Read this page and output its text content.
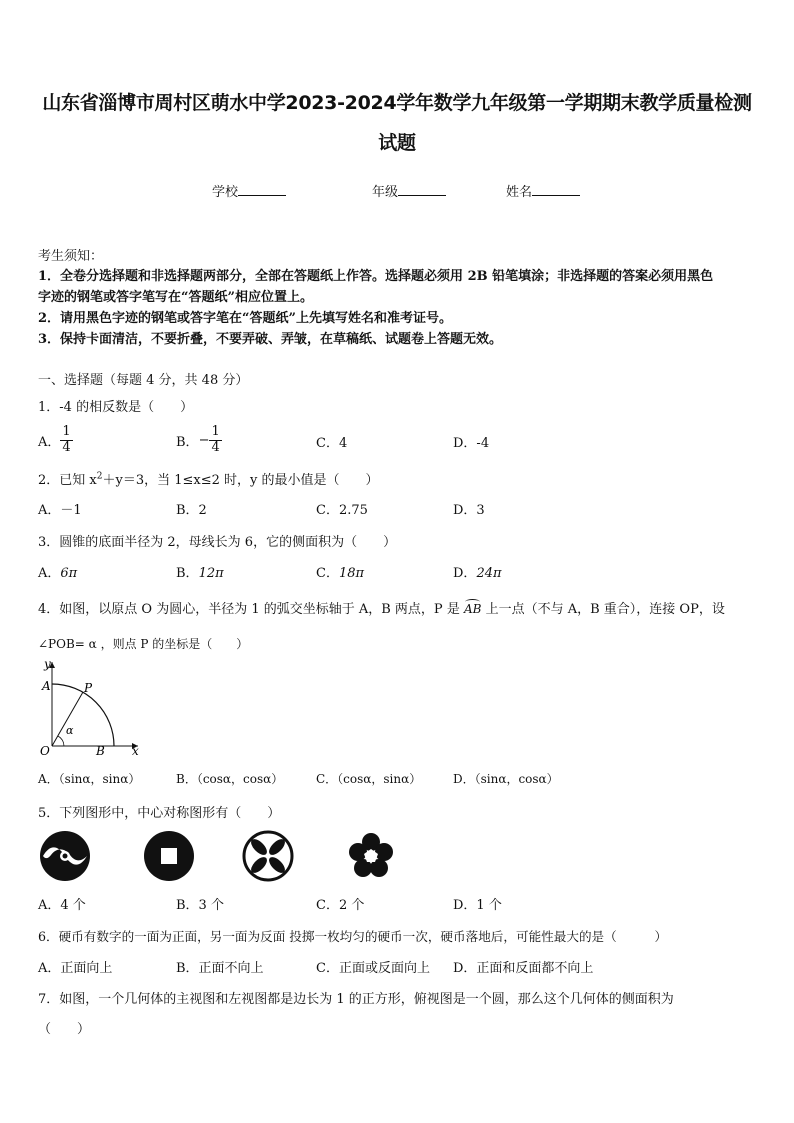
山东省淄博市周村区萌水中学2023-2024学年数学九年级第一学期期末教学质量检测
试题
学校	年级	姓名
考生须知：
1．全卷分选择题和非选择题两部分，全部在答题纸上作答。选择题必须用 2B 铅笔填涂；非选择题的答案必须用黑色
字迹的钢笔或答字笔写在“答题纸”相应位置上。
2．请用黑色字迹的钢笔或答字笔在“答题纸”上先填写姓名和准考证号。
3．保持卡面清洁，不要折叠，不要弄破、弄皱，在草稿纸、试题卷上答题无效。
一、选择题（每题 4 分，共 48 分）
1．-4 的相反数是（　　）
A． $\frac{1}{4}$	B． − $\frac{1}{4}$	C．4	D．-4
2．已知 $x^2+y=3$，当 1≤x≤2 时，y 的最小值是（　　）
A．－1	B．2	C．2.75	D．3
3．圆锥的底面半径为 2，母线长为 6，它的侧面积为（　　）
A．6π	B．12π	C．18π	D．24π
4．如图，以原点 O 为圆心，半径为 1 的弧交坐标轴于 A，B 两点，P 是 AB 上一点（不与 A，B 重合），连接 OP，设
∠POB= α ，则点 P 的坐标是（　　）
y
A	P
α
O	B x
A．（sinα，sinα）	B．（cosα，cosα）	C．（cosα，sinα）	D．（sinα，cosα）
5．下列图形中，中心对称图形有（　　）
A．4 个	B．3 个	C．2 个	D．1 个
6．硬币有数字的一面为正面，另一面为反面 投掷一枚均匀的硬币一次，硬币落地后，可能性最大的是（　　　）
A．正面向上	B．正面不向上	C．正面或反面向上 D．正面和反面都不向上
7．如图，一个几何体的主视图和左视图都是边长为 1 的正方形，俯视图是一个圆，那么这个几何体的侧面积为
（　　）
